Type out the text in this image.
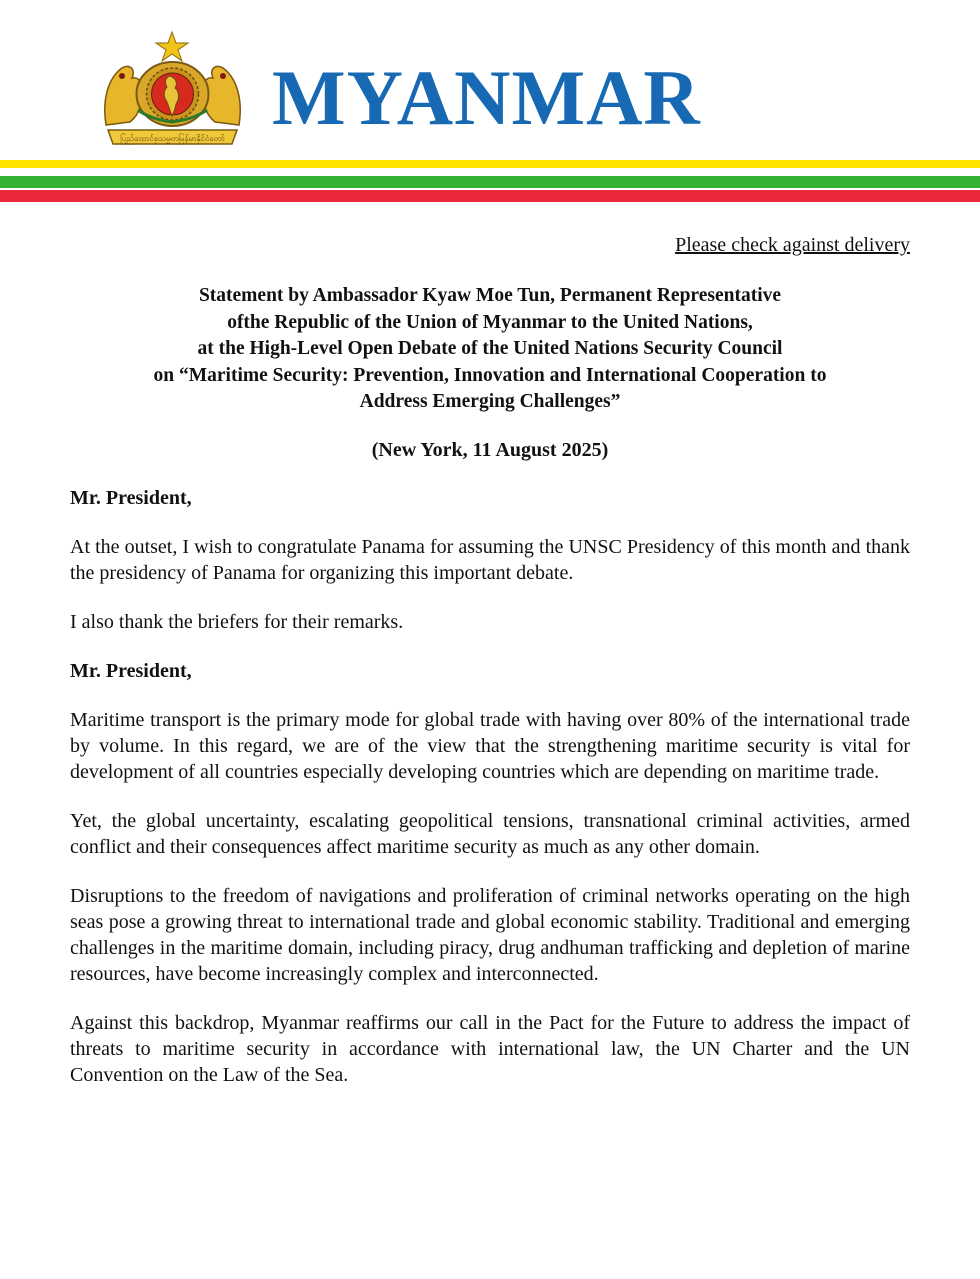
ပြည်ထောင်စုသမ္မတမြန်မာနိုင်ငံတော် MYANMAR
Please check against delivery
Statement by Ambassador Kyaw Moe Tun, Permanent Representative
ofthe Republic of the Union of Myanmar to the United Nations,
at the High-Level Open Debate of the United Nations Security Council
on “Maritime Security: Prevention, Innovation and International Cooperation to
Address Emerging Challenges”
(New York, 11 August 2025)

Mr. President,

At the outset, I wish to congratulate Panama for assuming the UNSC Presidency of this month and thank the presidency of Panama for organizing this important debate.

I also thank the briefers for their remarks.

Mr. President,

Maritime transport is the primary mode for global trade with having over 80% of the international trade by volume. In this regard, we are of the view that the strengthening maritime security is vital for development of all countries especially developing countries which are depending on maritime trade.

Yet, the global uncertainty, escalating geopolitical tensions, transnational criminal activities, armed conflict and their consequences affect maritime security as much as any other domain.

Disruptions to the freedom of navigations and proliferation of criminal networks operating on the high seas pose a growing threat to international trade and global economic stability. Traditional and emerging challenges in the maritime domain, including piracy, drug andhuman trafficking and depletion of marine resources, have become increasingly complex and interconnected.

Against this backdrop, Myanmar reaffirms our call in the Pact for the Future to address the impact of threats to maritime security in accordance with international law, the UN Charter and the UN Convention on the Law of the Sea.
